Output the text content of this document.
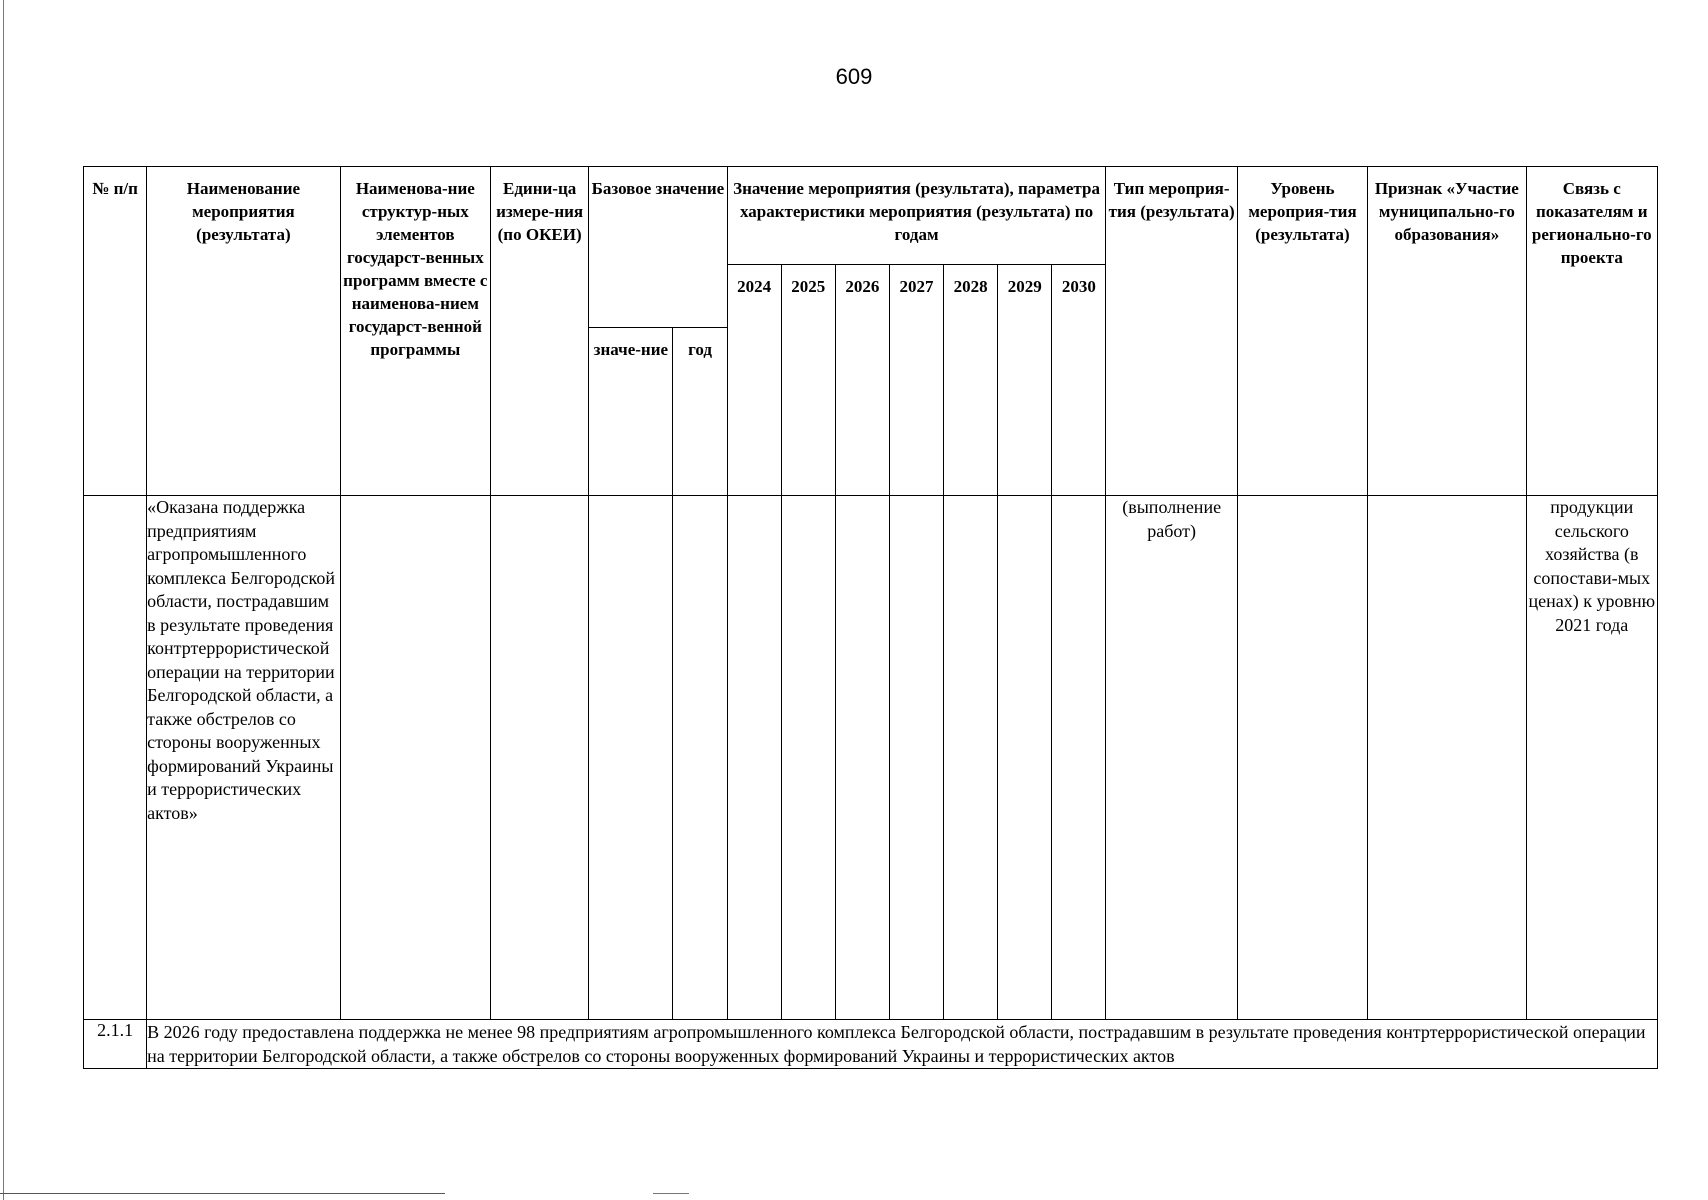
609
№ п/п	Наименование мероприятия (результата)	Наименова-ние структур-ных элементов государст-венных программ вместе с наименова-нием государст-венной программы	Едини-ца измере-ния (по ОКЕИ)	Базовое значение		Значение мероприятия (результата), параметра характеристики мероприятия (результата) по годам							Тип мероприя-тия (результата)	Уровень мероприя-тия (результата)	Признак «Участие муниципально-го образования»	Связь с показателям и регионально-го проекта
						2024	2025	2026	2027	2028	2029	2030				
				значе-ние	год											
	«Оказана поддержка предприятиям агропромышленного комплекса Белгородской области, пострадавшим в результате проведения контртеррористической операции на территории Белгородской области, а также обстрелов со стороны вооруженных формирований Украины и террористических актов»												(выполнение работ)			продукции сельского хозяйства (в сопостави-мых ценах) к уровню 2021 года
2.1.1	В 2026 году предоставлена поддержка не менее 98 предприятиям агропромышленного комплекса Белгородской области, пострадавшим в результате проведения контртеррористической операции на территории Белгородской области, а также обстрелов со стороны вооруженных формирований Украины и террористических актов															
